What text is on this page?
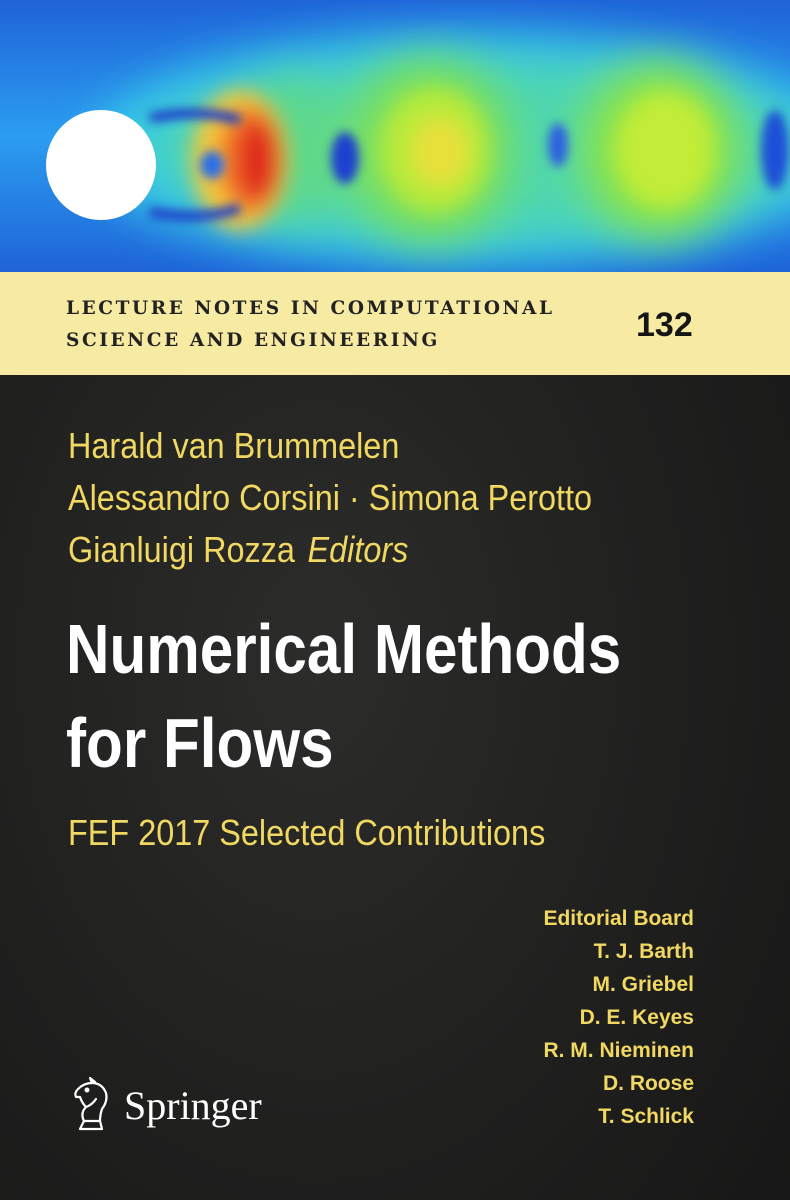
LECTURE NOTES IN COMPUTATIONAL
SCIENCE AND ENGINEERING	132
Harald van Brummelen
Alessandro Corsini · Simona Perotto
Gianluigi Rozza Editors
Numerical Methods
for Flows
FEF 2017 Selected Contributions
Editorial Board
T. J. Barth
M. Griebel
D. E. Keyes
R. M. Nieminen
D. Roose
T. Schlick
Springer
